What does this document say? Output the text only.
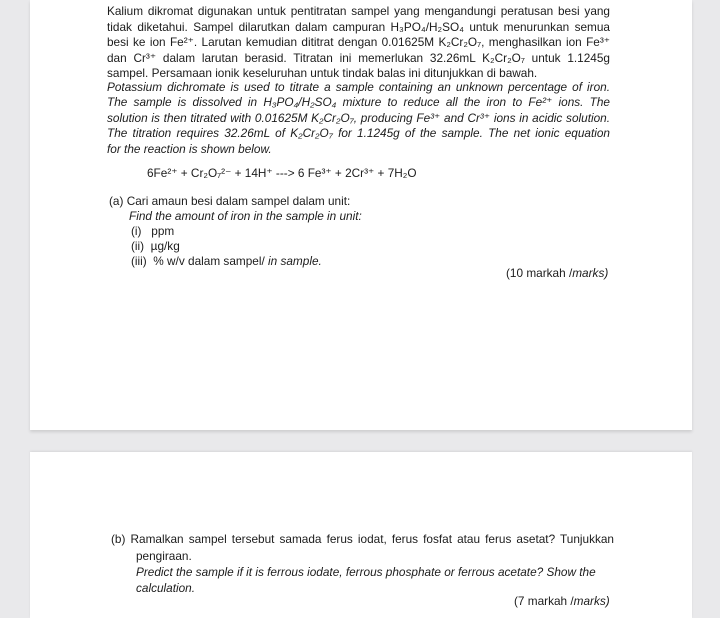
Kalium dikromat digunakan untuk pentitratan sampel yang mengandungi peratusan besi yang
tidak diketahui. Sampel dilarutkan dalam campuran H₃PO₄/H₂SO₄ untuk menurunkan semua
besi ke ion Fe²⁺. Larutan kemudian dititrat dengan 0.01625M K₂Cr₂O₇, menghasilkan ion Fe³⁺
dan Cr³⁺ dalam larutan berasid. Titratan ini memerlukan 32.26mL K₂Cr₂O₇ untuk 1.1245g
sampel. Persamaan ionik keseluruhan untuk tindak balas ini ditunjukkan di bawah.
Potassium dichromate is used to titrate a sample containing an unknown percentage of iron.
The sample is dissolved in H₃PO₄/H₂SO₄ mixture to reduce all the iron to Fe²⁺ ions. The
solution is then titrated with 0.01625M K₂Cr₂O₇, producing Fe³⁺ and Cr³⁺ ions in acidic solution.
The titration requires 32.26mL of K₂Cr₂O₇ for 1.1245g of the sample. The net ionic equation
for the reaction is shown below.
6Fe²⁺ + Cr₂O₇²⁻ + 14H⁺ ---> 6 Fe³⁺ + 2Cr³⁺ + 7H₂O
(a) Cari amaun besi dalam sampel dalam unit:
Find the amount of iron in the sample in unit:
(i)   ppm
(ii)  µg/kg
(iii)  % w/v dalam sampel/ in sample.
(10 markah /marks)
(b) Ramalkan sampel tersebut samada ferus iodat, ferus fosfat atau ferus asetat? Tunjukkan
pengiraan.
Predict the sample if it is ferrous iodate, ferrous phosphate or ferrous acetate? Show the
calculation.
(7 markah /marks)
